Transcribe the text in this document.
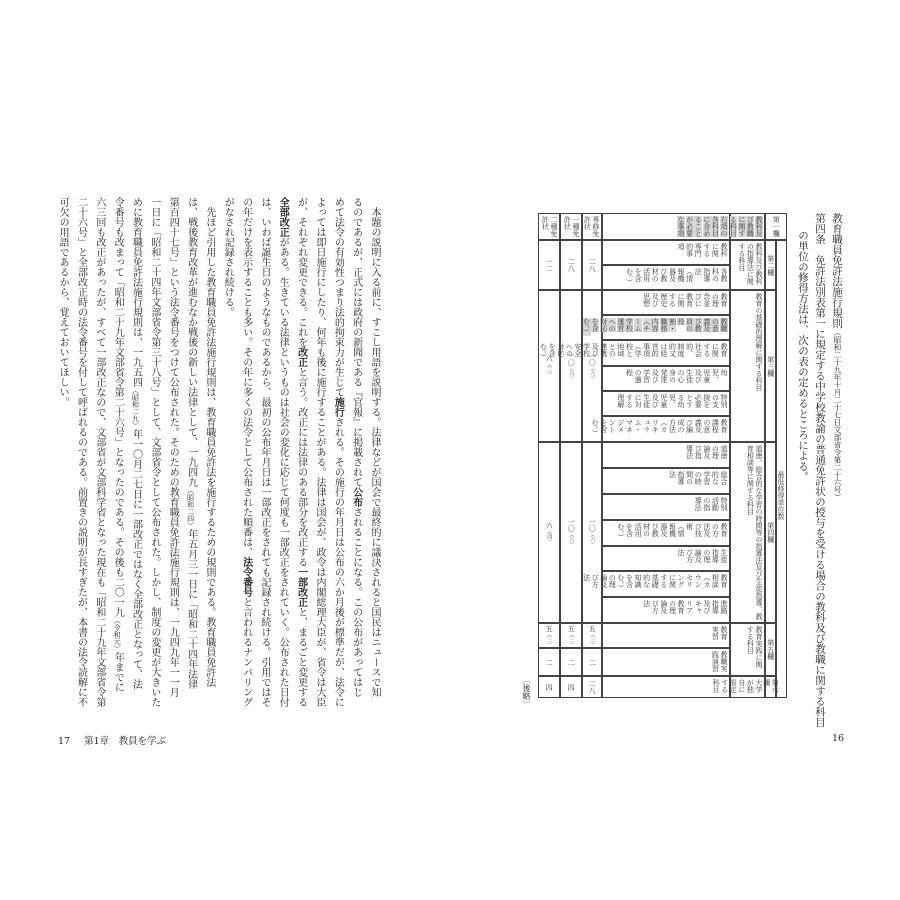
　本題の説明に入る前に、すこし用語を説明する。法律などが国会で最終的に議決されると国民はニュースで知
るのであるが、正式には政府の新聞である『官報』に掲載されて公布されることになる。この公布があってはじ
めて法令の有効性つまり法的拘束力が生じて施行される。その施行の年月日は公布の六か月後が標準だが、法令に
よっては即日施行にしたり、何年も後に施行することがある。法律は国会が、政令は内閣総理大臣が、省令は大臣
が、それぞれ変更できる。これを改正と言う。改正には法律のある部分を改正する一部改正と、まるごと変更する
全部改正がある。生きている法律というものは社会の変化に応じて何度も一部改正をされていく。公布された日付
は、いわば誕生日のようなものであるから、最初の公布年月日は一部改正をされても記録され続ける。引用ではそ
の年だけを表示することも多い。その年に多くの法令として公布された順番は、法令番号と言われるナンバリング
がなされ記録され続ける。
　先ほど引用した教育職員免許法施行規則は、教育職員免許法を施行するための規則である。教育職員免許法
は、戦後教育改革が進むなか戦後の新しい法律として、一九四九（昭和二四）年五月三一日に「昭和二十四年法律
第百四十七号」という法令番号をつけて公布された。そのための教育職員免許法施行規則は、一九四九年一一月
一日に「昭和二十四年文部省令第三十八号」として、文部省令として公布された。しかし、制度の変更が大きいた
めに教育職員免許法施行規則は、一九五四（昭和二九）年一〇月二七日に一部改正ではなく全部改正となって、法
令番号も改まって「昭和二十九年文部省令第二十六号」となったのである。その後も二〇一九（令和元）年までに
六三回も改正があったが、すべて一部改正なので、文部省が文部科学省となった現在も「昭和二十九年文部省令第
二十六号」と全部改正時の法令番号を付して呼ばれるのである。前置きの説明が長すぎたが、本書の法令読解に不
可欠の用語であるから、覚えておいてほしい。
17 第1章　教員を学ぶ
教育職員免許法施行規則（昭和二十九年十月二十七日文部省令第二十六号）
第四条　免許法別表第一に規定する中学校教諭の普通免許状の授与を受ける場合の教科及び教職に関する科目
の単位の修得方法は、次の表の定めるところによる。
第一欄
教科及び教職に関する科目
右項の各科目に含めることが必要な事項
専修免許状
一種免許状
二種免許状
最低修得単位数
第二欄
教科及び教科の指導法に関する科目
教科に関する専門的事項
各教科の指導法（情報機器及び教材の活用を含む。）
二八
二八
一二
第三欄
教育の基礎的理解に関する科目
教育の理念並びに教育に関する歴史及び思想
教職の意義及び教員の役割・職務内容（チーム学校運営への対応を含む。）
教育に関する社会的、制度的又は経営的事項（学校と地域との連携及び学校安全への対応を含む。）
幼児、児童及び生徒の心身の発達及び学習の過程
特別の支援を必要とする幼児、児童及び生徒に対する理解
教育課程の意義及び編成の方法（カリキュラム・マネジメントを含む。）
一〇
（六）
一〇
（六）
六
（三）
第四欄
道徳、総合的な学習の時間等の指導法及び生徒指導、教育相談等に関する科目
道徳の理論及び指導法
総合的な学習の時間の指導法
特別活動の指導法
教育の方法及び技術（情報機器及び教材の活用を含む。）
生徒指導の理論及び方法
教育相談（カウンセリングに関する基礎的な知識を含む。）の理論及び方法
進路指導及びキャリア教育の理論及び方法
一〇
（六）
一〇
（六）
六
（四）
第五欄
教育実践に関する科目
教育実習
教職実践演習
五
（三）
二
五
（三）
二
五
（三）
二
第六欄
大学が独自に設定する科目
二八
四
四
〔後略〕
16
